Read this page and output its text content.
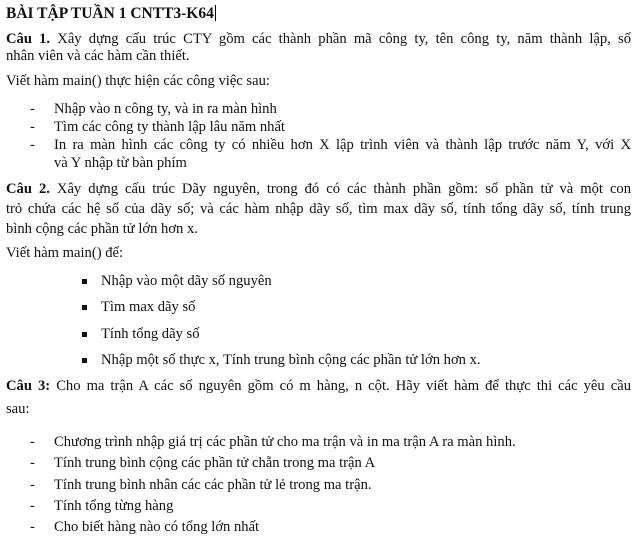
BÀI TẬP TUẦN 1 CNTT3-K64
Câu 1. Xây dựng cấu trúc CTY gồm các thành phần mã công ty, tên công ty, năm thành lập, số
nhân viên và các hàm cần thiết.
Viết hàm main() thực hiện các công việc sau:
- Nhập vào n công ty, và in ra màn hình
- Tìm các công ty thành lập lâu năm nhất
- In ra màn hình các công ty có nhiều hơn X lập trình viên và thành lập trước năm Y, với X
và Y nhập từ bàn phím
Câu 2. Xây dựng cấu trúc Dãy nguyên, trong đó có các thành phần gồm: số phần tử và một con
trỏ chứa các hệ số của dãy số; và các hàm nhập dãy số, tìm max dãy số, tính tổng dãy số, tính trung
bình cộng các phần tử lớn hơn x.
Viết hàm main() để:
Nhập vào một dãy số nguyên
Tìm max dãy số
Tính tổng dãy số
Nhập một số thực x, Tính trung bình cộng các phần tử lớn hơn x.
Câu 3: Cho ma trận A các số nguyên gồm có m hàng, n cột. Hãy viết hàm để thực thi các yêu cầu
sau:
- Chương trình nhập giá trị các phần tử cho ma trận và in ma trận A ra màn hình.
- Tính trung bình cộng các phần tử chẵn trong ma trận A
- Tính trung bình nhân các các phần tử lẻ trong ma trận.
- Tính tổng từng hàng
- Cho biết hàng nào có tổng lớn nhất
